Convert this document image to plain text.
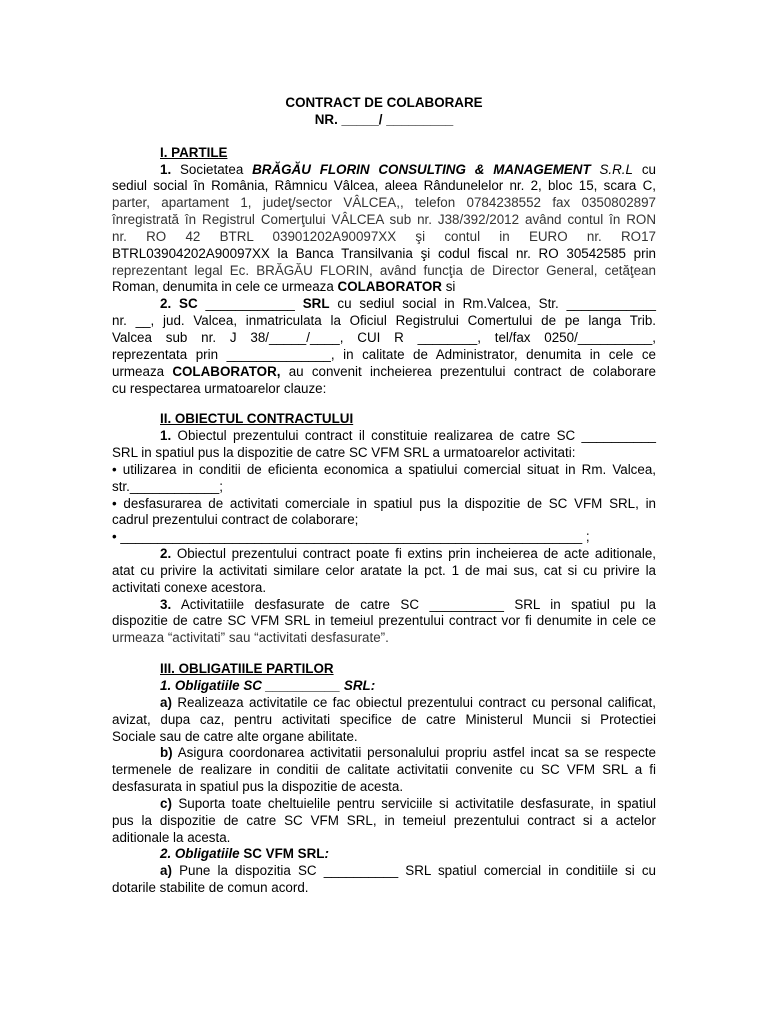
CONTRACT DE COLABORARE
NR. _____/ _________
I. PARTILE
1. Societatea BRĂGĂU FLORIN CONSULTING & MANAGEMENT S.R.L cu
sediul social în România, Râmnicu Vâlcea, aleea Rândunelelor nr. 2, bloc 15, scara C,
parter, apartament 1, judeţ/sector VÂLCEA,, telefon 0784238552 fax 0350802897
înregistrată în Registrul Comerţului VÂLCEA sub nr. J38/392/2012 având contul în RON
nr. RO 42 BTRL 03901202A90097XX şi contul in EURO nr. RO17
BTRL03904202A90097XX la Banca Transilvania şi codul fiscal nr. RO 30542585 prin
reprezentant legal Ec. BRĂGĂU FLORIN, având funcţia de Director General, cetăţean
Roman, denumita in cele ce urmeaza COLABORATOR si
2. SC ____________ SRL cu sediul social in Rm.Valcea, Str. ____________
nr. __, jud. Valcea, inmatriculata la Oficiul Registrului Comertului de pe langa Trib.
Valcea sub nr. J 38/_____/____, CUI R ________, tel/fax 0250/__________,
reprezentata prin ______________, in calitate de Administrator, denumita in cele ce
urmeaza COLABORATOR, au convenit incheierea prezentului contract de colaborare
cu respectarea urmatoarelor clauze:
II. OBIECTUL CONTRACTULUI
1. Obiectul prezentului contract il constituie realizarea de catre SC __________
SRL in spatiul pus la dispozitie de catre SC VFM SRL a urmatoarelor activitati:
• utilizarea in conditii de eficienta economica a spatiului comercial situat in Rm. Valcea,
str.____________;
• desfasurarea de activitati comerciale in spatiul pus la dispozitie de SC VFM SRL, in
cadrul prezentului contract de colaborare;
• ______________________________________________________________ ;
2. Obiectul prezentului contract poate fi extins prin incheierea de acte aditionale,
atat cu privire la activitati similare celor aratate la pct. 1 de mai sus, cat si cu privire la
activitati conexe acestora.
3. Activitatiile desfasurate de catre SC __________ SRL in spatiul pu la
dispozitie de catre SC VFM SRL in temeiul prezentului contract vor fi denumite in cele ce
urmeaza “activitati” sau “activitati desfasurate”.
III. OBLIGATIILE PARTILOR
1. Obligatiile SC __________ SRL:
a) Realizeaza activitatile ce fac obiectul prezentului contract cu personal calificat,
avizat, dupa caz, pentru activitati specifice de catre Ministerul Muncii si Protectiei
Sociale sau de catre alte organe abilitate.
b) Asigura coordonarea activitatii personalului propriu astfel incat sa se respecte
termenele de realizare in conditii de calitate activitatii convenite cu SC VFM SRL a fi
desfasurata in spatiul pus la dispozitie de acesta.
c) Suporta toate cheltuielile pentru serviciile si activitatile desfasurate, in spatiul
pus la dispozitie de catre SC VFM SRL, in temeiul prezentului contract si a actelor
aditionale la acesta.
2. Obligatiile SC VFM SRL:
a) Pune la dispozitia SC __________ SRL spatiul comercial in conditiile si cu
dotarile stabilite de comun acord.
